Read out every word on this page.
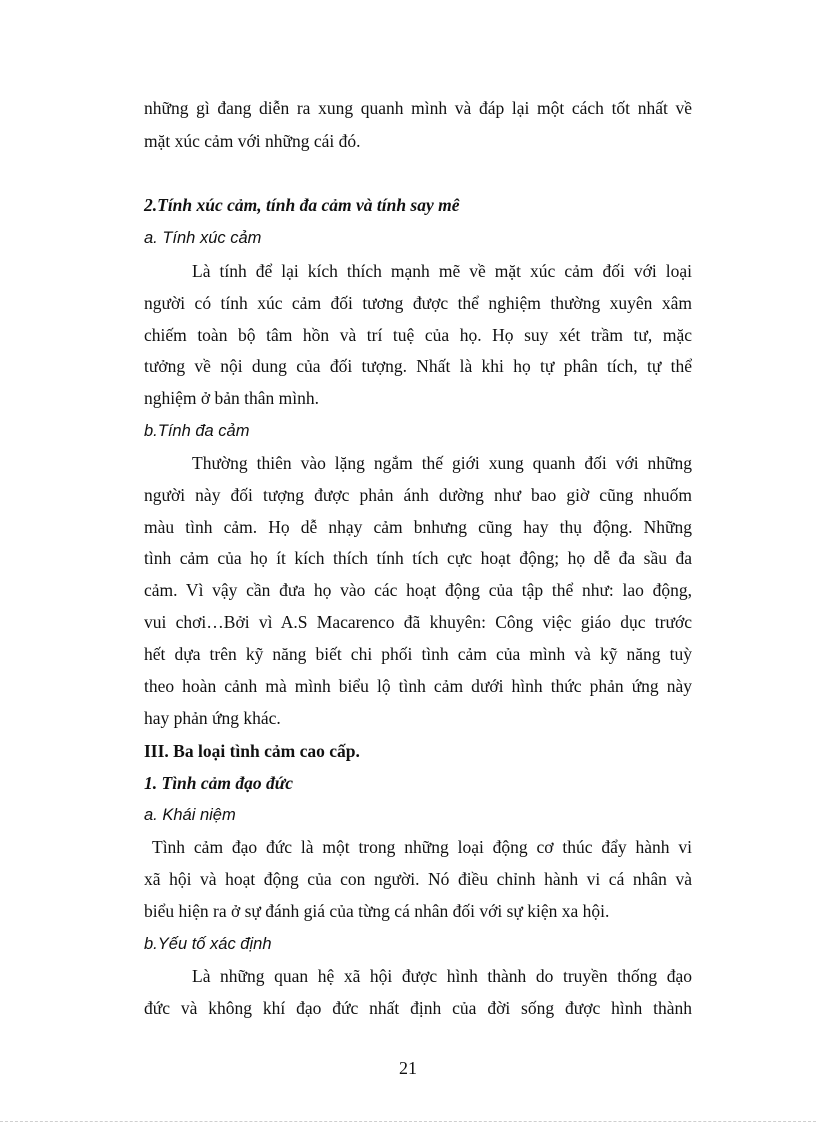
những gì đang diễn ra xung quanh mình và đáp lại một cách tốt nhất về
mặt xúc cảm với những cái đó.
2.Tính xúc cảm, tính đa cảm và tính say mê
a. Tính xúc cảm
Là tính để lại kích thích mạnh mẽ về mặt xúc cảm đối với loại
người có tính xúc cảm đối tương được thể nghiệm thường xuyên xâm
chiếm toàn bộ tâm hồn và trí tuệ của họ. Họ suy xét trầm tư, mặc
tưởng về nội dung của đối tượng. Nhất là khi họ tự phân tích, tự thể
nghiệm ở bản thân mình.
b.Tính đa cảm
Thường thiên vào lặng ngắm thế giới xung quanh đối với những
người này đối tượng được phản ánh dường như bao giờ cũng nhuốm
màu tình cảm. Họ dễ nhạy cảm bnhưng cũng hay thụ động. Những
tình cảm của họ ít kích thích tính tích cực hoạt động; họ dễ đa sầu đa
cảm. Vì vậy cần đưa họ vào các hoạt động của tập thể như: lao động,
vui chơi…Bởi vì A.S Macarenco đã khuyên: Công việc giáo dục trước
hết dựa trên kỹ năng biết chi phối tình cảm của mình và kỹ năng tuỳ
theo hoàn cảnh mà mình biểu lộ tình cảm dưới hình thức phản ứng này
hay phản ứng khác.
III. Ba loại tình cảm cao cấp.
1. Tình cảm đạo đức
a. Khái niệm
Tình cảm đạo đức là một trong những loại động cơ thúc đẩy hành vi
xã hội và hoạt động của con người. Nó điều chỉnh hành vi cá nhân và
biểu hiện ra ở sự đánh giá của từng cá nhân đối với sự kiện xa hội.
b.Yếu tố xác định
Là những quan hệ xã hội được hình thành do truyền thống đạo
đức và không khí đạo đức nhất định của đời sống được hình thành
21
